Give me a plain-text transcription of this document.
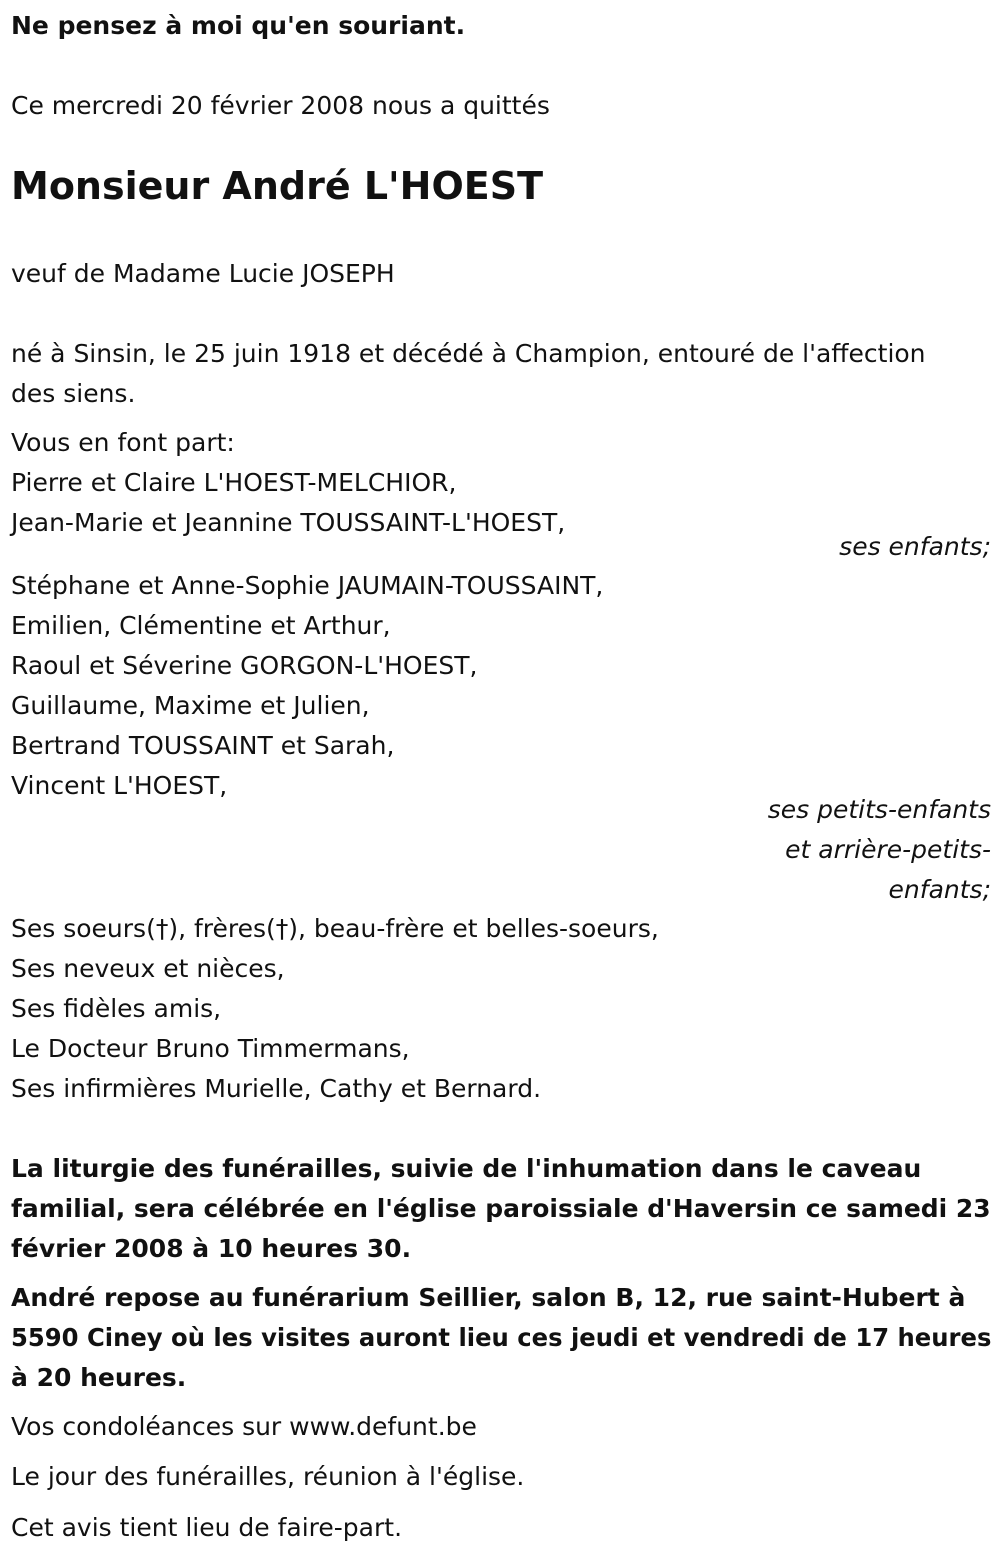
Ne pensez à moi qu'en souriant.
Ce mercredi 20 février 2008 nous a quittés
Monsieur André L'HOEST
veuf de Madame Lucie JOSEPH
né à Sinsin, le 25 juin 1918 et décédé à Champion, entouré de l'affection
des siens.
Vous en font part:
Pierre et Claire L'HOEST-MELCHIOR,
Jean-Marie et Jeannine TOUSSAINT-L'HOEST,
ses enfants;
Stéphane et Anne-Sophie JAUMAIN-TOUSSAINT,
Emilien, Clémentine et Arthur,
Raoul et Séverine GORGON-L'HOEST,
Guillaume, Maxime et Julien,
Bertrand TOUSSAINT et Sarah,
Vincent L'HOEST,
ses petits-enfants
et arrière-petits-
enfants;
Ses soeurs(†), frères(†), beau-frère et belles-soeurs,
Ses neveux et nièces,
Ses fidèles amis,
Le Docteur Bruno Timmermans,
Ses infirmières Murielle, Cathy et Bernard.
La liturgie des funérailles, suivie de l'inhumation dans le caveau
familial, sera célébrée en l'église paroissiale d'Haversin ce samedi 23
février 2008 à 10 heures 30.
André repose au funérarium Seillier, salon B, 12, rue saint-Hubert à
5590 Ciney où les visites auront lieu ces jeudi et vendredi de 17 heures
à 20 heures.
Vos condoléances sur www.defunt.be
Le jour des funérailles, réunion à l'église.
Cet avis tient lieu de faire-part.
